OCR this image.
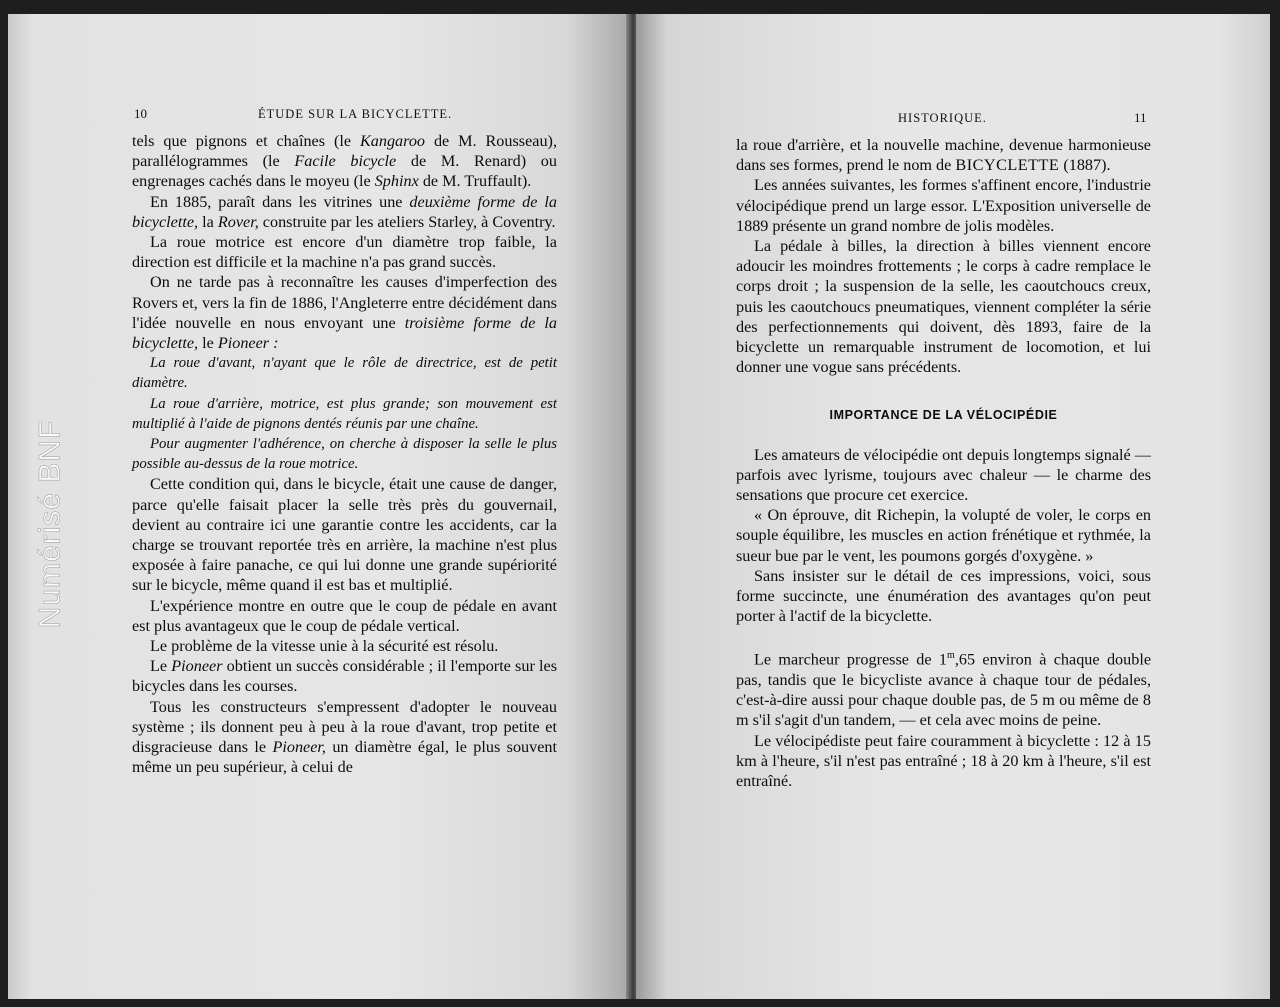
Numérisé BNF
10	ÉTUDE SUR LA BICYCLETTE.

tels que pignons et chaînes (le Kangaroo de M. Rousseau), parallélogrammes (le Facile bicycle de M. Renard) ou engrenages cachés dans le moyeu (le Sphinx de M. Truffault).

En 1885, paraît dans les vitrines une deuxième forme de la bicyclette, la Rover, construite par les ateliers Starley, à Coventry.

La roue motrice est encore d'un diamètre trop faible, la direction est difficile et la machine n'a pas grand succès.

On ne tarde pas à reconnaître les causes d'imperfection des Rovers et, vers la fin de 1886, l'Angleterre entre décidément dans l'idée nouvelle en nous envoyant une troisième forme de la bicyclette, le Pioneer :

La roue d'avant, n'ayant que le rôle de directrice, est de petit diamètre.

La roue d'arrière, motrice, est plus grande; son mouvement est multiplié à l'aide de pignons dentés réunis par une chaîne.

Pour augmenter l'adhérence, on cherche à disposer la selle le plus possible au-dessus de la roue motrice.

Cette condition qui, dans le bicycle, était une cause de danger, parce qu'elle faisait placer la selle très près du gouvernail, devient au contraire ici une garantie contre les accidents, car la charge se trouvant reportée très en arrière, la machine n'est plus exposée à faire panache, ce qui lui donne une grande supériorité sur le bicycle, même quand il est bas et multiplié.

L'expérience montre en outre que le coup de pédale en avant est plus avantageux que le coup de pédale vertical.

Le problème de la vitesse unie à la sécurité est résolu.

Le Pioneer obtient un succès considérable ; il l'emporte sur les bicycles dans les courses.

Tous les constructeurs s'empressent d'adopter le nouveau système ; ils donnent peu à peu à la roue d'avant, trop petite et disgracieuse dans le Pioneer, un diamètre égal, le plus souvent même un peu supérieur, à celui de

HISTORIQUE.	11

la roue d'arrière, et la nouvelle machine, devenue harmonieuse dans ses formes, prend le nom de BICYCLETTE (1887).

Les années suivantes, les formes s'affinent encore, l'industrie vélocipédique prend un large essor. L'Exposition universelle de 1889 présente un grand nombre de jolis modèles.

La pédale à billes, la direction à billes viennent encore adoucir les moindres frottements ; le corps à cadre remplace le corps droit ; la suspension de la selle, les caoutchoucs creux, puis les caoutchoucs pneumatiques, viennent compléter la série des perfectionnements qui doivent, dès 1893, faire de la bicyclette un remarquable instrument de locomotion, et lui donner une vogue sans précédents.

IMPORTANCE DE LA VÉLOCIPÉDIE

Les amateurs de vélocipédie ont depuis longtemps signalé — parfois avec lyrisme, toujours avec chaleur — le charme des sensations que procure cet exercice.

« On éprouve, dit Richepin, la volupté de voler, le corps en souple équilibre, les muscles en action frénétique et rythmée, la sueur bue par le vent, les poumons gorgés d'oxygène. »

Sans insister sur le détail de ces impressions, voici, sous forme succincte, une énumération des avantages qu'on peut porter à l'actif de la bicyclette.

Le marcheur progresse de 1$^m$,65 environ à chaque double pas, tandis que le bicycliste avance à chaque tour de pédales, c'est-à-dire aussi pour chaque double pas, de 5 m ou même de 8 m s'il s'agit d'un tandem, — et cela avec moins de peine.

Le vélocipédiste peut faire couramment à bicyclette : 12 à 15 km à l'heure, s'il n'est pas entraîné ; 18 à 20 km à l'heure, s'il est entraîné.
